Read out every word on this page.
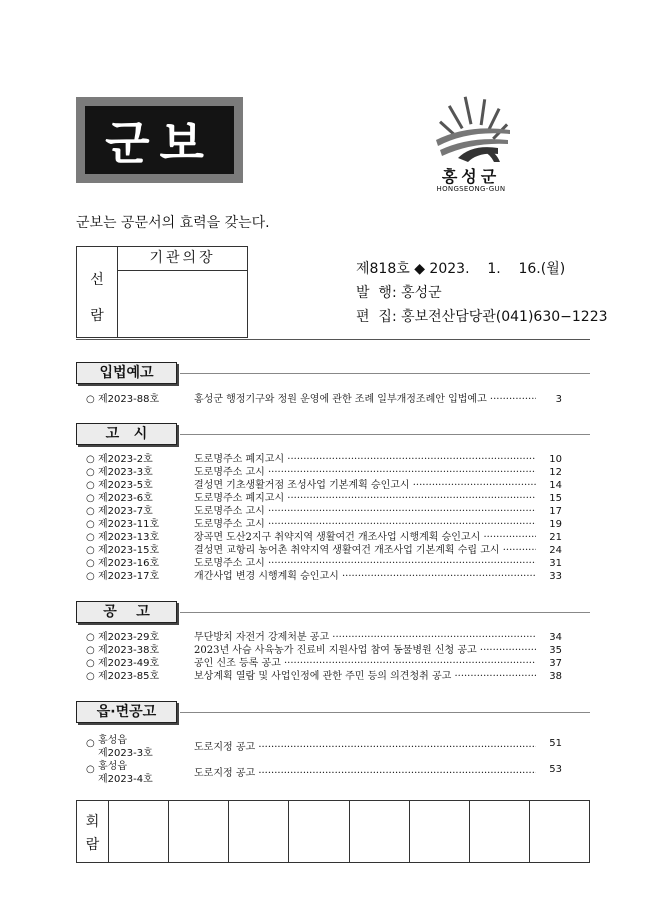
군보
홍성군
HONGSEONG-GUN
군보는 공문서의 효력을 갖는다.
선
람
기관의장
제818호 ◆ 2023.    1.    16.(월)
발  행: 홍성군
편  집: 홍보전산담당관(041)630−1223
입법예고
○ 제2023-88호	홍성군 행정기구와 정원 운영에 관한 조례 일부개정조례안 입법예고 ·····	3
고   시
○ 제2023-2호	도로명주소 폐지고시 ·····	10
○ 제2023-3호	도로명주소 고시 ·····	12
○ 제2023-5호	결성면 기초생활거점 조성사업 기본계획 승인고시 ·····	14
○ 제2023-6호	도로명주소 폐지고시 ·····	15
○ 제2023-7호	도로명주소 고시 ·····	17
○ 제2023-11호	도로명주소 고시 ·····	19
○ 제2023-13호	장곡면 도산2지구 취약지역 생활여건 개조사업 시행계획 승인고시 ·····	21
○ 제2023-15호	결성면 교항리 농어촌 취약지역 생활여건 개조사업 기본계획 수립 고시 ·····	24
○ 제2023-16호	도로명주소 고시 ·····	31
○ 제2023-17호	개간사업 변경 시행계획 승인고시 ·····	33
공    고
○ 제2023-29호	무단방치 자전거 강제처분 공고 ·····	34
○ 제2023-38호	2023년 사슴 사육농가 진료비 지원사업 참여 동물병원 신청 공고 ·····	35
○ 제2023-49호	공인 신조 등록 공고 ·····	37
○ 제2023-85호	보상계획 열람 및 사업인정에 관한 주민 등의 의견청취 공고 ·····	38
읍·면공고
○ 홍성읍
제2023-3호
도로지정 공고 ·····	51
○ 홍성읍
제2023-4호
도로지정 공고 ·····	53
회
람
